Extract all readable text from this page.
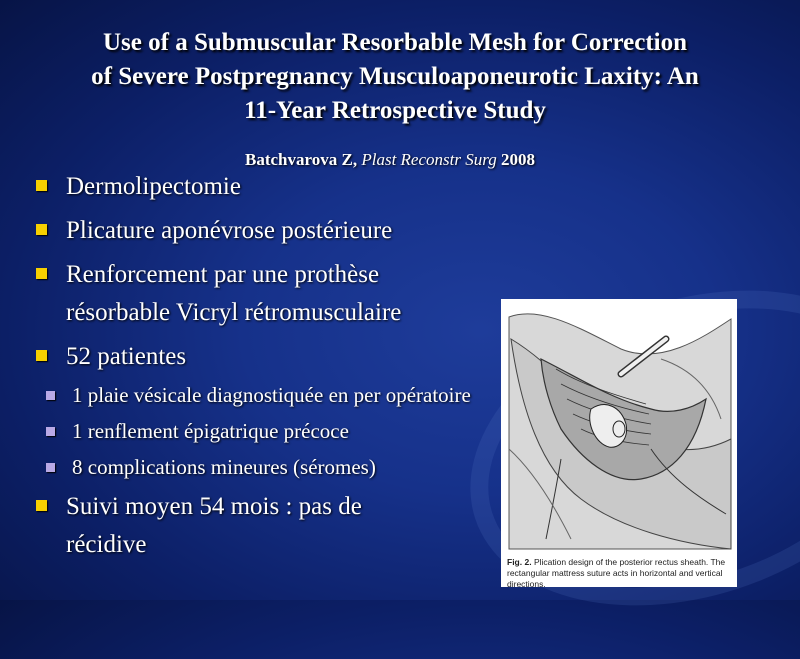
Use of a Submuscular Resorbable Mesh for Correction
of Severe Postpregnancy Musculoaponeurotic Laxity: An
11-Year Retrospective Study
Batchvarova Z, Plast Reconstr Surg 2008
Dermolipectomie
Plicature aponévrose postérieure
Renforcement par une prothèse résorbable Vicryl rétromusculaire
52 patientes
1 plaie vésicale diagnostiquée en per opératoire
1 renflement épigatrique précoce
8 complications mineures (séromes)
Suivi moyen 54 mois : pas de récidive
Fig. 2. Plication design of the posterior rectus sheath. The rectangular mattress suture acts in horizontal and vertical directions.
